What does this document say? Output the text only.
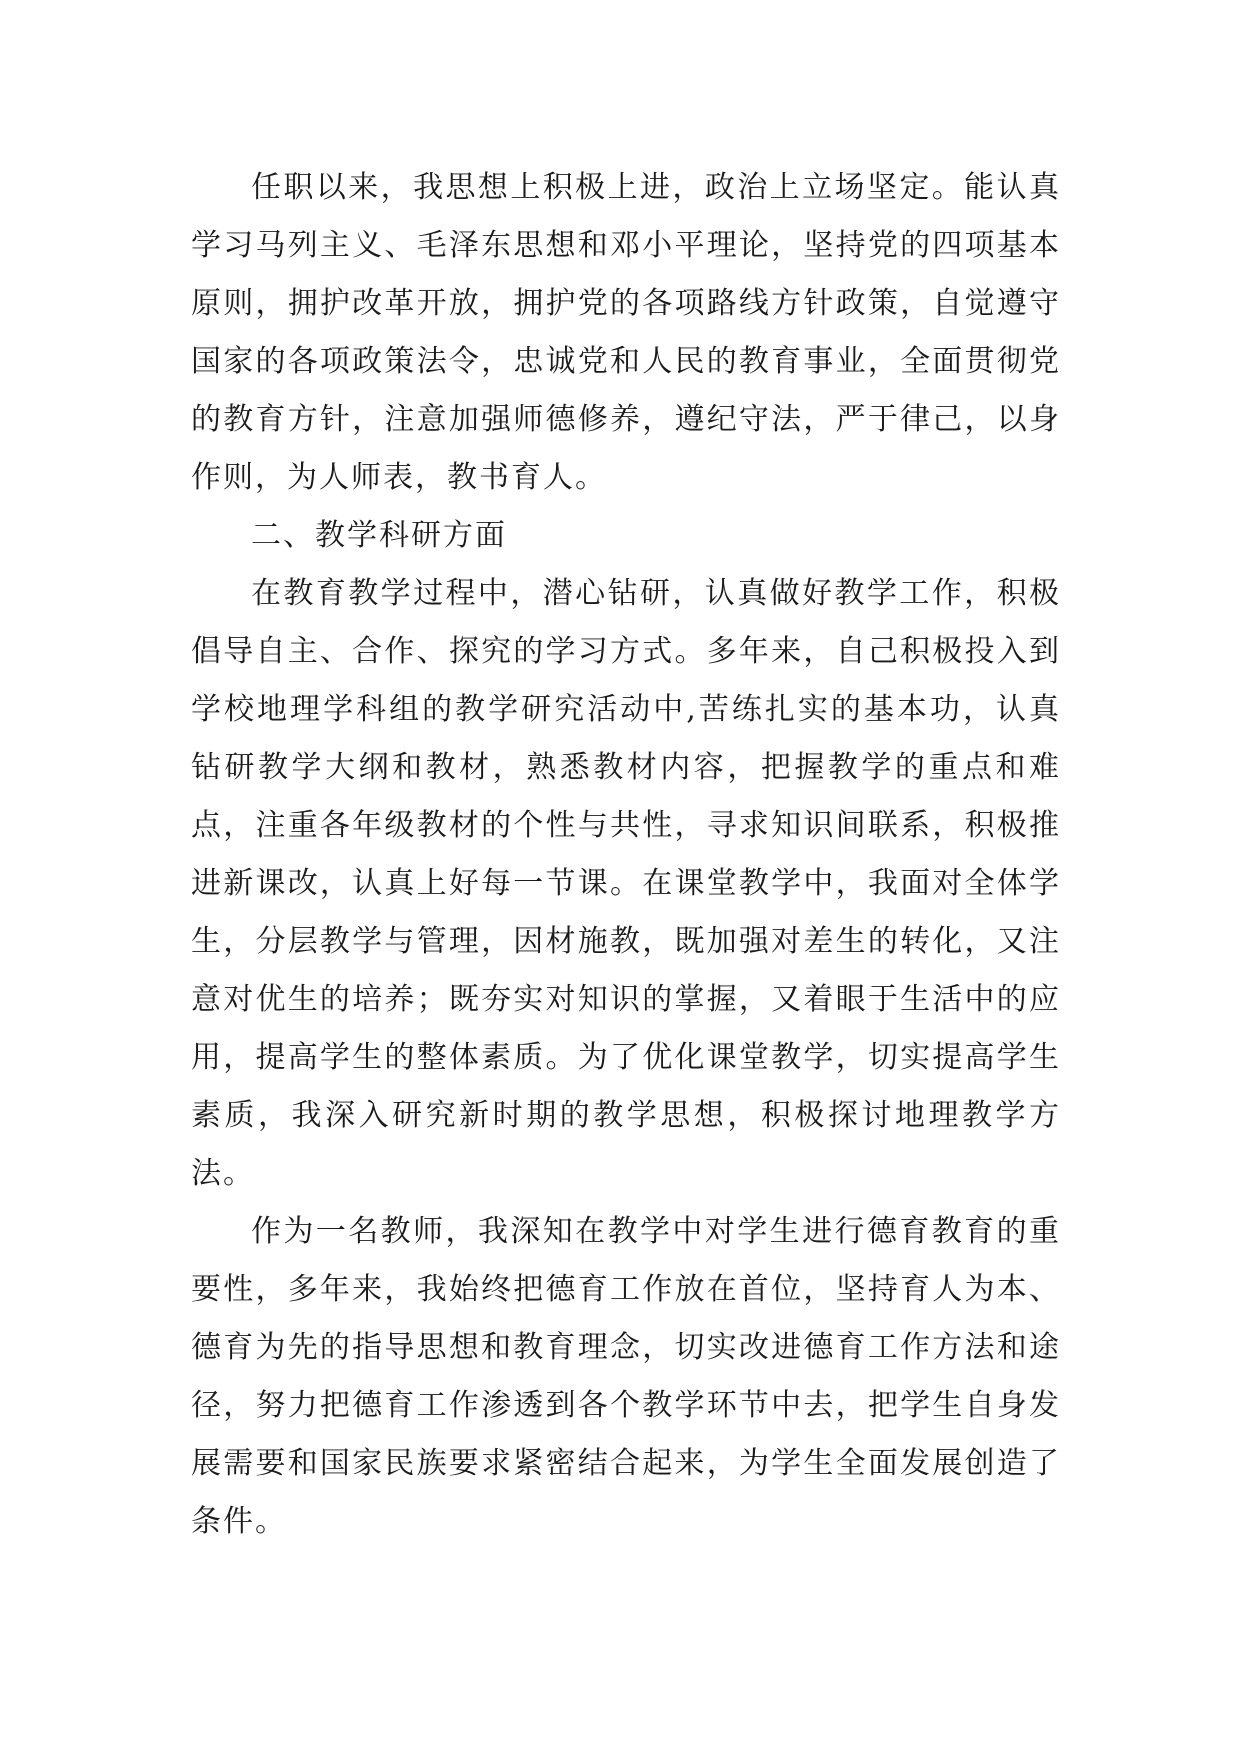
任职以来，我思想上积极上进，政治上立场坚定。能认真学习马列主义、毛泽东思想和邓小平理论，坚持党的四项基本原则，拥护改革开放，拥护党的各项路线方针政策，自觉遵守国家的各项政策法令，忠诚党和人民的教育事业，全面贯彻党的教育方针，注意加强师德修养，遵纪守法，严于律己，以身作则，为人师表，教书育人。

二、教学科研方面

在教育教学过程中，潜心钻研，认真做好教学工作，积极倡导自主、合作、探究的学习方式。多年来，自己积极投入到学校地理学科组的教学研究活动中,苦练扎实的基本功，认真钻研教学大纲和教材，熟悉教材内容，把握教学的重点和难点，注重各年级教材的个性与共性，寻求知识间联系，积极推进新课改，认真上好每一节课。在课堂教学中，我面对全体学生，分层教学与管理，因材施教，既加强对差生的转化，又注意对优生的培养；既夯实对知识的掌握，又着眼于生活中的应用，提高学生的整体素质。为了优化课堂教学，切实提高学生素质，我深入研究新时期的教学思想，积极探讨地理教学方法。

作为一名教师，我深知在教学中对学生进行德育教育的重要性，多年来，我始终把德育工作放在首位，坚持育人为本、德育为先的指导思想和教育理念，切实改进德育工作方法和途径，努力把德育工作渗透到各个教学环节中去，把学生自身发展需要和国家民族要求紧密结合起来，为学生全面发展创造了条件。
